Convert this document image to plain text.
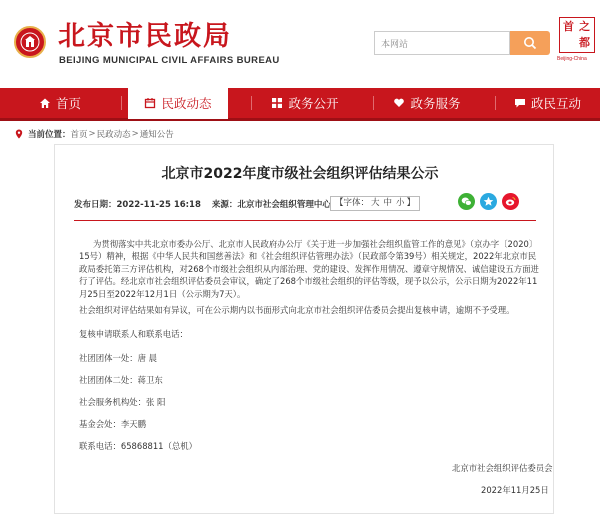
北京市民政局
BEIJING MUNICIPAL CIVIL AFFAIRS BUREAU
本网站
之
首
都
Beijing-China
首页	民政动态	政务公开	政务服务	政民互动
当前位置： 首页 > 民政动态 > 通知公告
北京市2022年度市级社会组织评估结果公示
发布日期：2022-11-25 16:18 来源：北京市社会组织管理中心 【字体： 大 中 小 】
为贯彻落实中共北京市委办公厅、北京市人民政府办公厅《关于进一步加强社会组织监管工作的意见》（京办字〔2020〕15号）精神，根据《中华人民共和国慈善法》和《社会组织评估管理办法》（民政部令第39号）相关规定，2022年北京市民政局委托第三方评估机构，对268个市级社会组织从内部治理、党的建设、发挥作用情况、遵章守规情况、诚信建设五方面进行了评估。经北京市社会组织评估委员会审议，确定了268个市级社会组织的评估等级，现予以公示，公示日期为2022年11月25日至2022年12月1日（公示期为7天）。
社会组织对评估结果如有异议，可在公示期内以书面形式向北京市社会组织评估委员会提出复核申请，逾期不予受理。
复核申请联系人和联系电话：
社团团体一处：唐 晨
社团团体二处：蒋卫东
社会服务机构处：张 阳
基金会处：李天鹏
联系电话：65868811（总机）
北京市社会组织评估委员会
2022年11月25日
